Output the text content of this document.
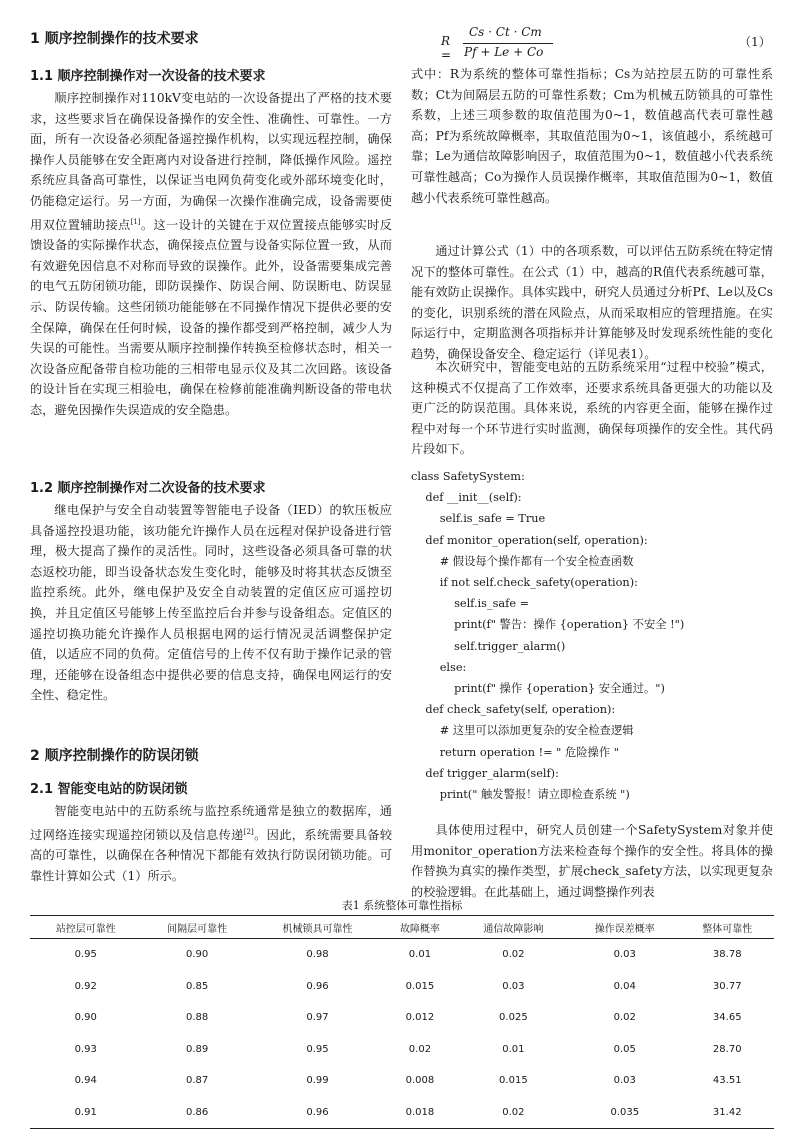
1 顺序控制操作的技术要求
1.1 顺序控制操作对一次设备的技术要求

顺序控制操作对110kV变电站的一次设备提出了严格的技术要求，这些要求旨在确保设备操作的安全性、准确性、可靠性。一方面，所有一次设备必须配备遥控操作机构，以实现远程控制，确保操作人员能够在安全距离内对设备进行控制，降低操作风险。遥控系统应具备高可靠性，以保证当电网负荷变化或外部环境变化时，仍能稳定运行。另一方面，为确保一次操作准确完成，设备需要使用双位置辅助接点[1]。这一设计的关键在于双位置接点能够实时反馈设备的实际操作状态，确保接点位置与设备实际位置一致，从而有效避免因信息不对称而导致的误操作。此外，设备需要集成完善的电气五防闭锁功能，即防误操作、防误合闸、防误断电、防误显示、防误传输。这些闭锁功能能够在不同操作情况下提供必要的安全保障，确保在任何时候，设备的操作都受到严格控制，减少人为失误的可能性。当需要从顺序控制操作转换至检修状态时，相关一次设备应配备带自检功能的三相带电显示仪及其二次回路。该设备的设计旨在实现三相验电，确保在检修前能准确判断设备的带电状态，避免因操作失误造成的安全隐患。

1.2 顺序控制操作对二次设备的技术要求

继电保护与安全自动装置等智能电子设备（IED）的软压板应具备遥控投退功能，该功能允许操作人员在远程对保护设备进行管理，极大提高了操作的灵活性。同时，这些设备必须具备可靠的状态返校功能，即当设备状态发生变化时，能够及时将其状态反馈至监控系统。此外，继电保护及安全自动装置的定值区应可遥控切换，并且定值区号能够上传至监控后台并参与设备组态。定值区的遥控切换功能允许操作人员根据电网的运行情况灵活调整保护定值，以适应不同的负荷。定值信号的上传不仅有助于操作记录的管理，还能够在设备组态中提供必要的信息支持，确保电网运行的安全性、稳定性。

2 顺序控制操作的防误闭锁
2.1 智能变电站的防误闭锁

智能变电站中的五防系统与监控系统通常是独立的数据库，通过网络连接实现遥控闭锁以及信息传递[2]。因此，系统需要具备较高的可靠性，以确保在各种情况下都能有效执行防误闭锁功能。可靠性计算如公式（1）所示。

R =
Cs · Ct · Cm
Pf + Le + Co
（1）

式中：R为系统的整体可靠性指标；Cs为站控层五防的可靠性系数；Ct为间隔层五防的可靠性系数；Cm为机械五防锁具的可靠性系数，上述三项参数的取值范围为0~1，数值越高代表可靠性越高；Pf为系统故障概率，其取值范围为0~1，该值越小，系统越可靠；Le为通信故障影响因子，取值范围为0~1，数值越小代表系统可靠性越高；Co为操作人员误操作概率，其取值范围为0~1，数值越小代表系统可靠性越高。

通过计算公式（1）中的各项系数，可以评估五防系统在特定情况下的整体可靠性。在公式（1）中，越高的R值代表系统越可靠，能有效防止误操作。具体实践中，研究人员通过分析Pf、Le以及Cs的变化，识别系统的潜在风险点，从而采取相应的管理措施。在实际运行中，定期监测各项指标并计算能够及时发现系统性能的变化趋势，确保设备安全、稳定运行（详见表1）。

本次研究中，智能变电站的五防系统采用“过程中校验”模式，这种模式不仅提高了工作效率，还要求系统具备更强大的功能以及更广泛的防误范围。具体来说，系统的内容更全面，能够在操作过程中对每一个环节进行实时监测，确保每项操作的安全性。其代码片段如下。

class SafetySystem:
def __init__(self):
self.is_safe = True
def monitor_operation(self, operation):
# 假设每个操作都有一个安全检查函数
if not self.check_safety(operation):
self.is_safe =
print(f" 警告：操作 {operation} 不安全 !")
self.trigger_alarm()
else:
print(f" 操作 {operation} 安全通过。")
def check_safety(self, operation):
# 这里可以添加更复杂的安全检查逻辑
return operation != " 危险操作 "
def trigger_alarm(self):
print(" 触发警报！请立即检查系统 ")

具体使用过程中，研究人员创建一个SafetySystem对象并使用monitor_operation方法来检查每个操作的安全性。将具体的操作替换为真实的操作类型，扩展check_safety方法，以实现更复杂的校验逻辑。在此基础上，通过调整操作列表

表1 系统整体可靠性指标
站控层可靠性	间隔层可靠性	机械锁具可靠性	故障概率	通信故障影响	操作误差概率	整体可靠性
0.95	0.90	0.98	0.01	0.02	0.03	38.78
0.92	0.85	0.96	0.015	0.03	0.04	30.77
0.90	0.88	0.97	0.012	0.025	0.02	34.65
0.93	0.89	0.95	0.02	0.01	0.05	28.70
0.94	0.87	0.99	0.008	0.015	0.03	43.51
0.91	0.86	0.96	0.018	0.02	0.035	31.42
